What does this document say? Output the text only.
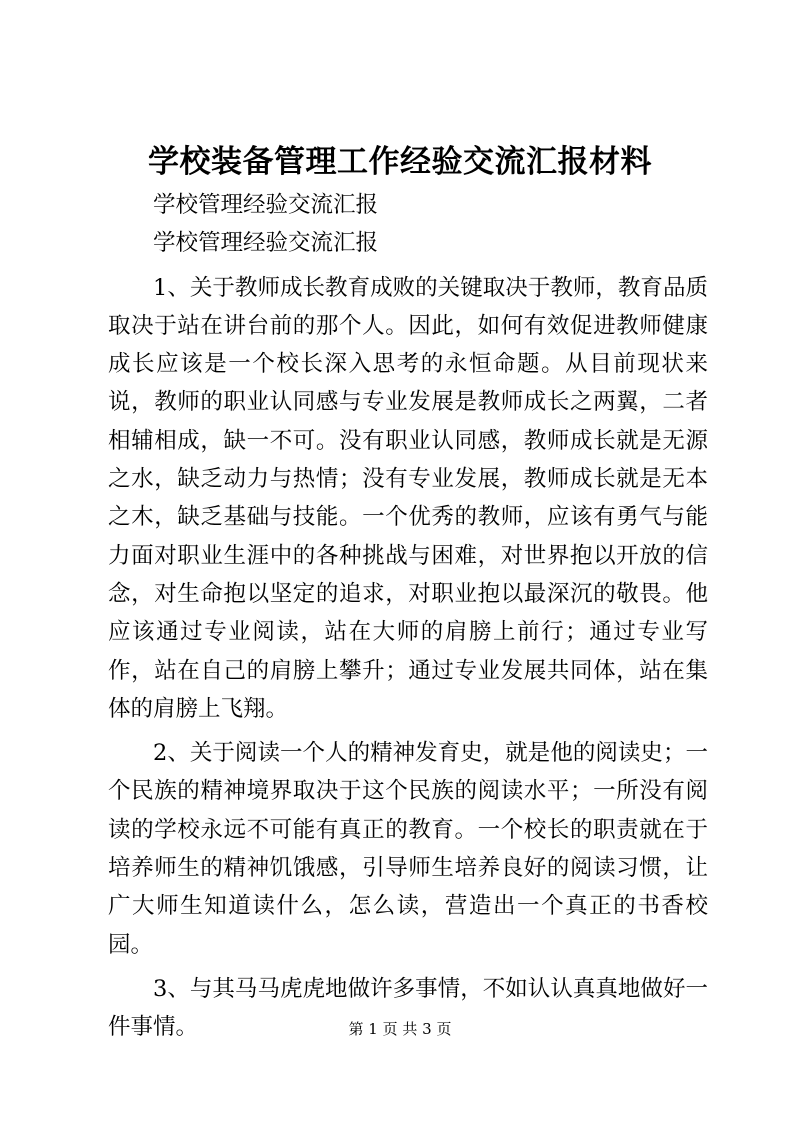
学校装备管理工作经验交流汇报材料

学校管理经验交流汇报

学校管理经验交流汇报

1、关于教师成长教育成败的关键取决于教师，教育品质取决于站在讲台前的那个人。因此，如何有效促进教师健康成长应该是一个校长深入思考的永恒命题。从目前现状来说，教师的职业认同感与专业发展是教师成长之两翼，二者相辅相成，缺一不可。没有职业认同感，教师成长就是无源之水，缺乏动力与热情；没有专业发展，教师成长就是无本之木，缺乏基础与技能。一个优秀的教师，应该有勇气与能力面对职业生涯中的各种挑战与困难，对世界抱以开放的信念，对生命抱以坚定的追求，对职业抱以最深沉的敬畏。他应该通过专业阅读，站在大师的肩膀上前行；通过专业写作，站在自己的肩膀上攀升；通过专业发展共同体，站在集体的肩膀上飞翔。

2、关于阅读一个人的精神发育史，就是他的阅读史；一个民族的精神境界取决于这个民族的阅读水平；一所没有阅读的学校永远不可能有真正的教育。一个校长的职责就在于培养师生的精神饥饿感，引导师生培养良好的阅读习惯，让广大师生知道读什么，怎么读，营造出一个真正的书香校园。

3、与其马马虎虎地做许多事情，不如认认真真地做好一件事情。	第 1 页 共 3 页
